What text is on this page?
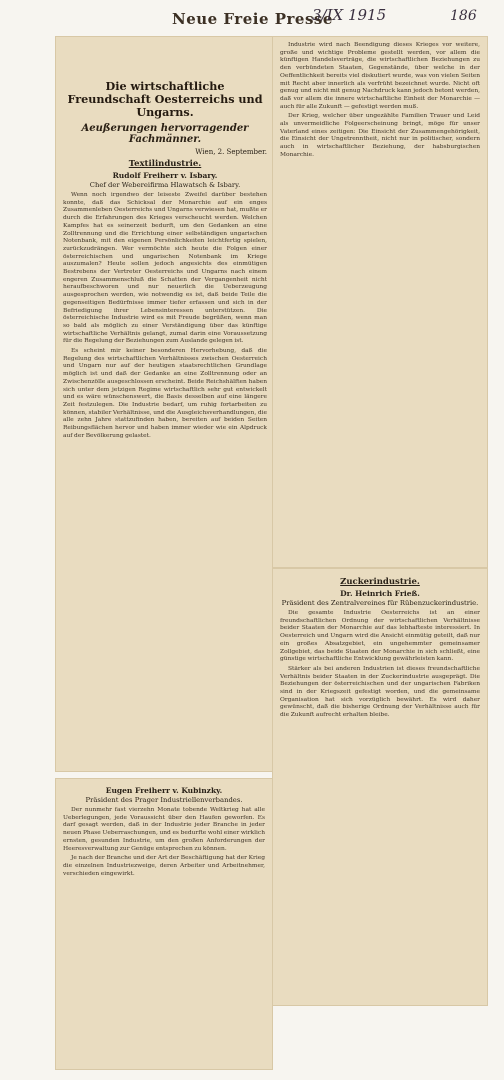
Neue Freie Presse
3/IX 1915	186
Die wirtschaftliche Freundschaft Oesterreichs und Ungarns.
Aeußerungen hervorragender Fachmänner.
Wien, 2. September.
Textilindustrie.
Rudolf Freiherr v. Isbary.
Chef der Webereifirma Hlawatsch & Isbary.

Wenn noch irgendwo der leiseste Zweifel darüber bestehen konnte, daß das Schicksal der Monarchie auf ein enges Zusammenleben Oesterreichs und Ungarns verwiesen hat, mußte er durch die Erfahrungen des Krieges verscheucht werden. Welchen Kampfes hat es seinerzeit bedurft, um den Gedanken an eine Zolltrennung und die Errichtung einer selbständigen ungarischen Notenbank, mit den eigenen Persönlichkeiten leichtfertig spielen, zurückzudrängen. Wer vermöchte sich heute die Folgen einer österreichischen und ungarischen Notenbank im Kriege auszumalen? Heute sollen jedoch angesichts des einmütigen Bestrebens der Vertreter Oesterreichs und Ungarns nach einem engeren Zusammenschluß die Schatten der Vergangenheit nicht heraufbeschworen und nur neuerlich die Ueberzeugung ausgesprochen werden, wie notwendig es ist, daß beide Teile die gegenseitigen Bedürfnisse immer tiefer erfassen und sich in der Befriedigung ihrer Lebensinteressen unterstützen. Die österreichische Industrie wird es mit Freude begrüßen, wenn man so bald als möglich zu einer Verständigung über das künftige wirtschaftliche Verhältnis gelangt, zumal darin eine Voraussetzung für die Regelung der Beziehungen zum Auslande gelegen ist.

Es scheint mir keiner besonderen Hervorhebung, daß die Regelung des wirtschaftlichen Verhältnisses zwischen Oesterreich und Ungarn nur auf der heutigen staatsrechtlichen Grundlage möglich ist und daß der Gedanke an eine Zolltrennung oder an Zwischenzölle ausgeschlossen erscheint. Beide Reichshälften haben sich unter dem jetzigen Regime wirtschaftlich sehr gut entwickelt und es wäre wünschenswert, die Basis desselben auf eine längere Zeit festzulegen. Die Industrie bedarf, um ruhig fortarbeiten zu können, stabiler Verhältnisse, und die Ausgleichsverhandlungen, die alle zehn Jahre stattzufinden haben, bereiten auf beiden Seiten Reibungsflächen hervor und haben immer wieder wie ein Alpdruck auf der Bevölkerung gelastet.

Eugen Freiherr v. Kubinzky.
Präsident des Prager Industriellenverbandes.

Der nunmehr fast vierzehn Monate tobende Weltkrieg hat alle Ueberlegungen, jede Voraussicht über den Haufen geworfen. Es darf gesagt werden, daß in der Industrie jeder Branche in jeder neuen Phase Ueberraschungen, und es bedurfte wohl einer wirklich ernsten, gesunden Industrie, um den großen Anforderungen der Heeresverwaltung zur Genüge entsprechen zu können.

Je nach der Branche und der Art der Beschäftigung hat der Krieg die einzelnen Industriezweige, deren Arbeiter und Arbeitnehmer, verschieden eingewirkt.

Industrie wird nach Beendigung dieses Krieges vor weitere, große und wichtige Probleme gestellt werden, vor allem die künftigen Handelsverträge, die wirtschaftlichen Beziehungen zu den verbündeten Staaten, Gegenstände, über welche in der Oeffentlichkeit bereits viel diskutiert wurde, was von vielen Seiten mit Recht aber innerlich als verfrüht bezeichnet wurde. Nicht oft genug und nicht mit genug Nachdruck kann jedoch betont werden, daß vor allem die innere wirtschaftliche Einheit der Monarchie — auch für alle Zukunft — gefestigt werden muß.

Der Krieg, welcher über ungezählte Familien Trauer und Leid als unvermeidliche Folgeerscheinung bringt, möge für unser Vaterland eines zeitigen: Die Einsicht der Zusammengehörigkeit, die Einsicht der Ungetrenntheit, nicht nur in politischer, sondern auch in wirtschaftlicher Beziehung, der habsburgischen Monarchie.

Zuckerindustrie.
Dr. Heinrich Frieß.
Präsident des Zentralvereines für Rübenzuckerindustrie.

Die gesamte Industrie Oesterreichs ist an einer freundschaftlichen Ordnung der wirtschaftlichen Verhältnisse beider Staaten der Monarchie auf das lebhafteste interessiert. In Oesterreich und Ungarn wird die Ansicht einmütig geteilt, daß nur ein großes Absatzgebiet, ein ungehemmter gemeinsamer Zollgebiet, das beide Staaten der Monarchie in sich schließt, eine günstige wirtschaftliche Entwicklung gewährleisten kann.

Stärker als bei anderen Industrien ist dieses freundschaftliche Verhältnis beider Staaten in der Zuckerindustrie ausgeprägt. Die Beziehungen der österreichischen und der ungarischen Fabriken sind in der Kriegszeit gefestigt worden, und die gemeinsame Organisation hat sich vorzüglich bewährt. Es wird daher gewünscht, daß die bisherige Ordnung der Verhältnisse auch für die Zukunft aufrecht erhalten bleibe.
